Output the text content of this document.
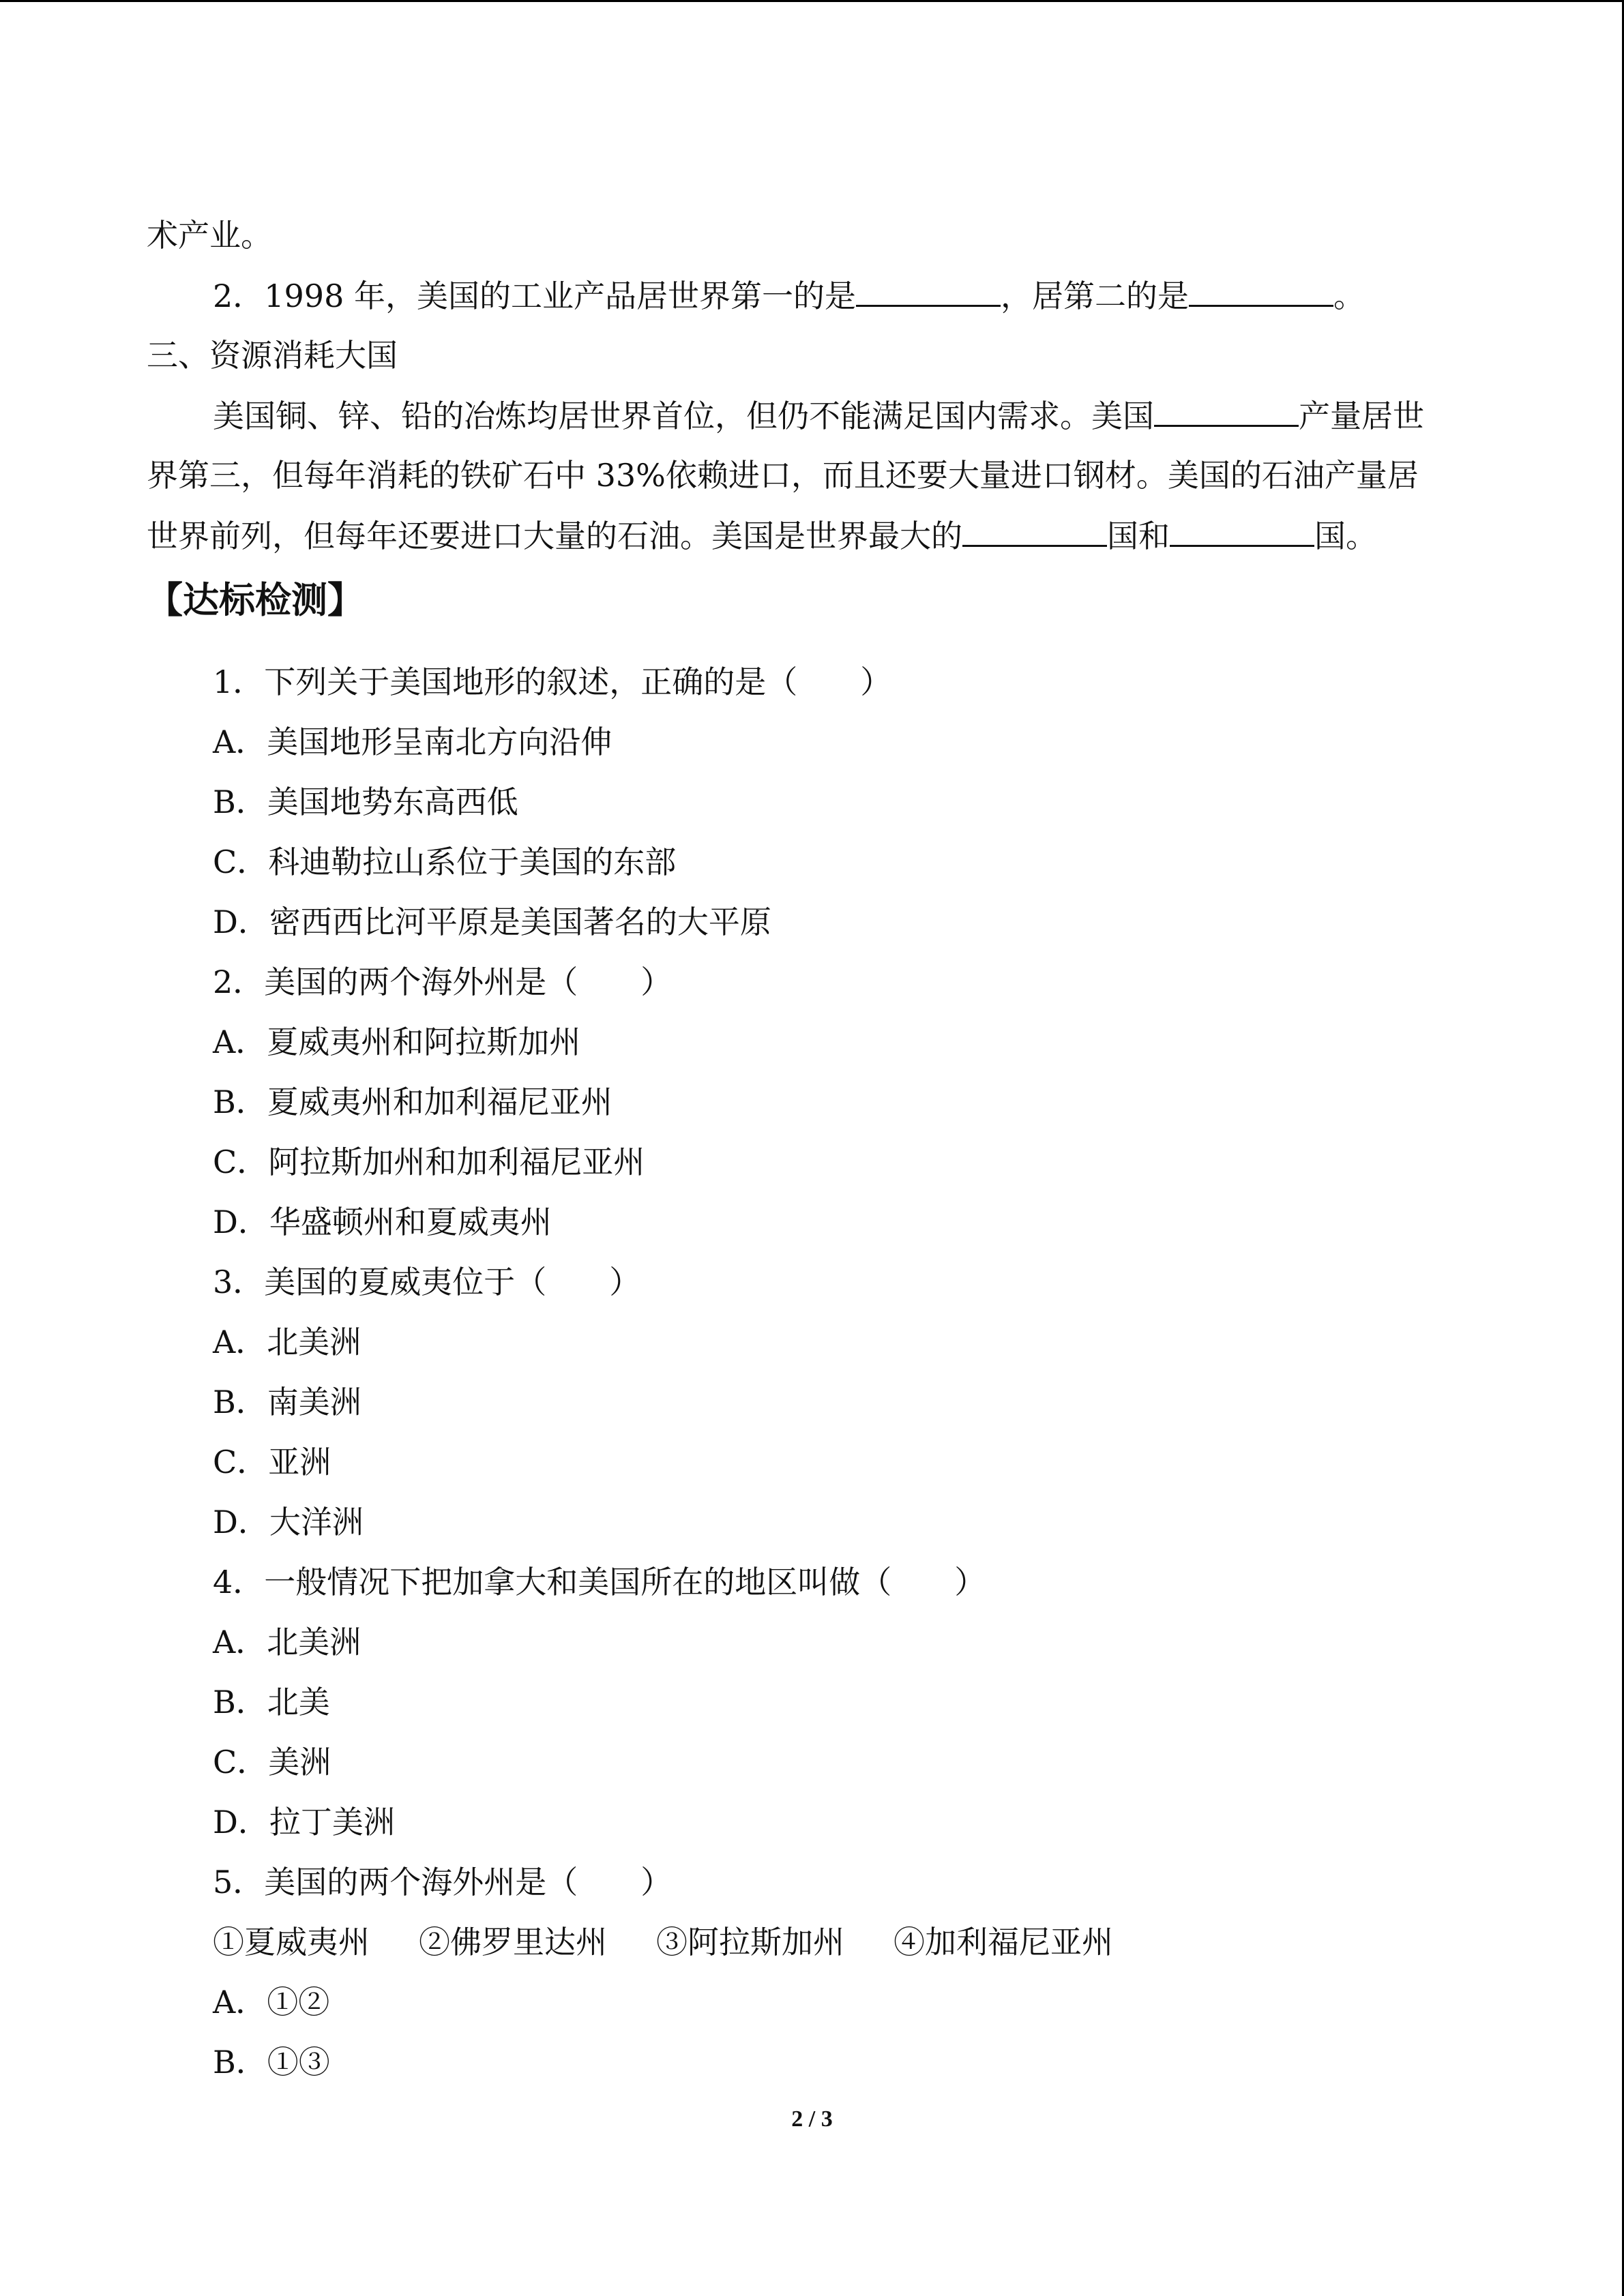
术产业。
2．1998 年，美国的工业产品居世界第一的是	，居第二的是	。
三、资源消耗大国
美国铜、锌、铅的冶炼均居世界首位，但仍不能满足国内需求。美国	产量居世
界第三，但每年消耗的铁矿石中 33%依赖进口，而且还要大量进口钢材。美国的石油产量居
世界前列，但每年还要进口大量的石油。美国是世界最大的	国和	国。
【达标检测】
1．下列关于美国地形的叙述，正确的是（　　）
A．美国地形呈南北方向沿伸
B．美国地势东高西低
C．科迪勒拉山系位于美国的东部
D．密西西比河平原是美国著名的大平原
2．美国的两个海外州是（　　）
A．夏威夷州和阿拉斯加州
B．夏威夷州和加利福尼亚州
C．阿拉斯加州和加利福尼亚州
D．华盛顿州和夏威夷州
3．美国的夏威夷位于（　　）
A．北美洲
B．南美洲
C．亚洲
D．大洋洲
4．一般情况下把加拿大和美国所在的地区叫做（　　）
A．北美洲
B．北美
C．美洲
D．拉丁美洲
5．美国的两个海外州是（　　）
①夏威夷州 ②佛罗里达州 ③阿拉斯加州 ④加利福尼亚州
A．①②
B．①③
2 / 3
